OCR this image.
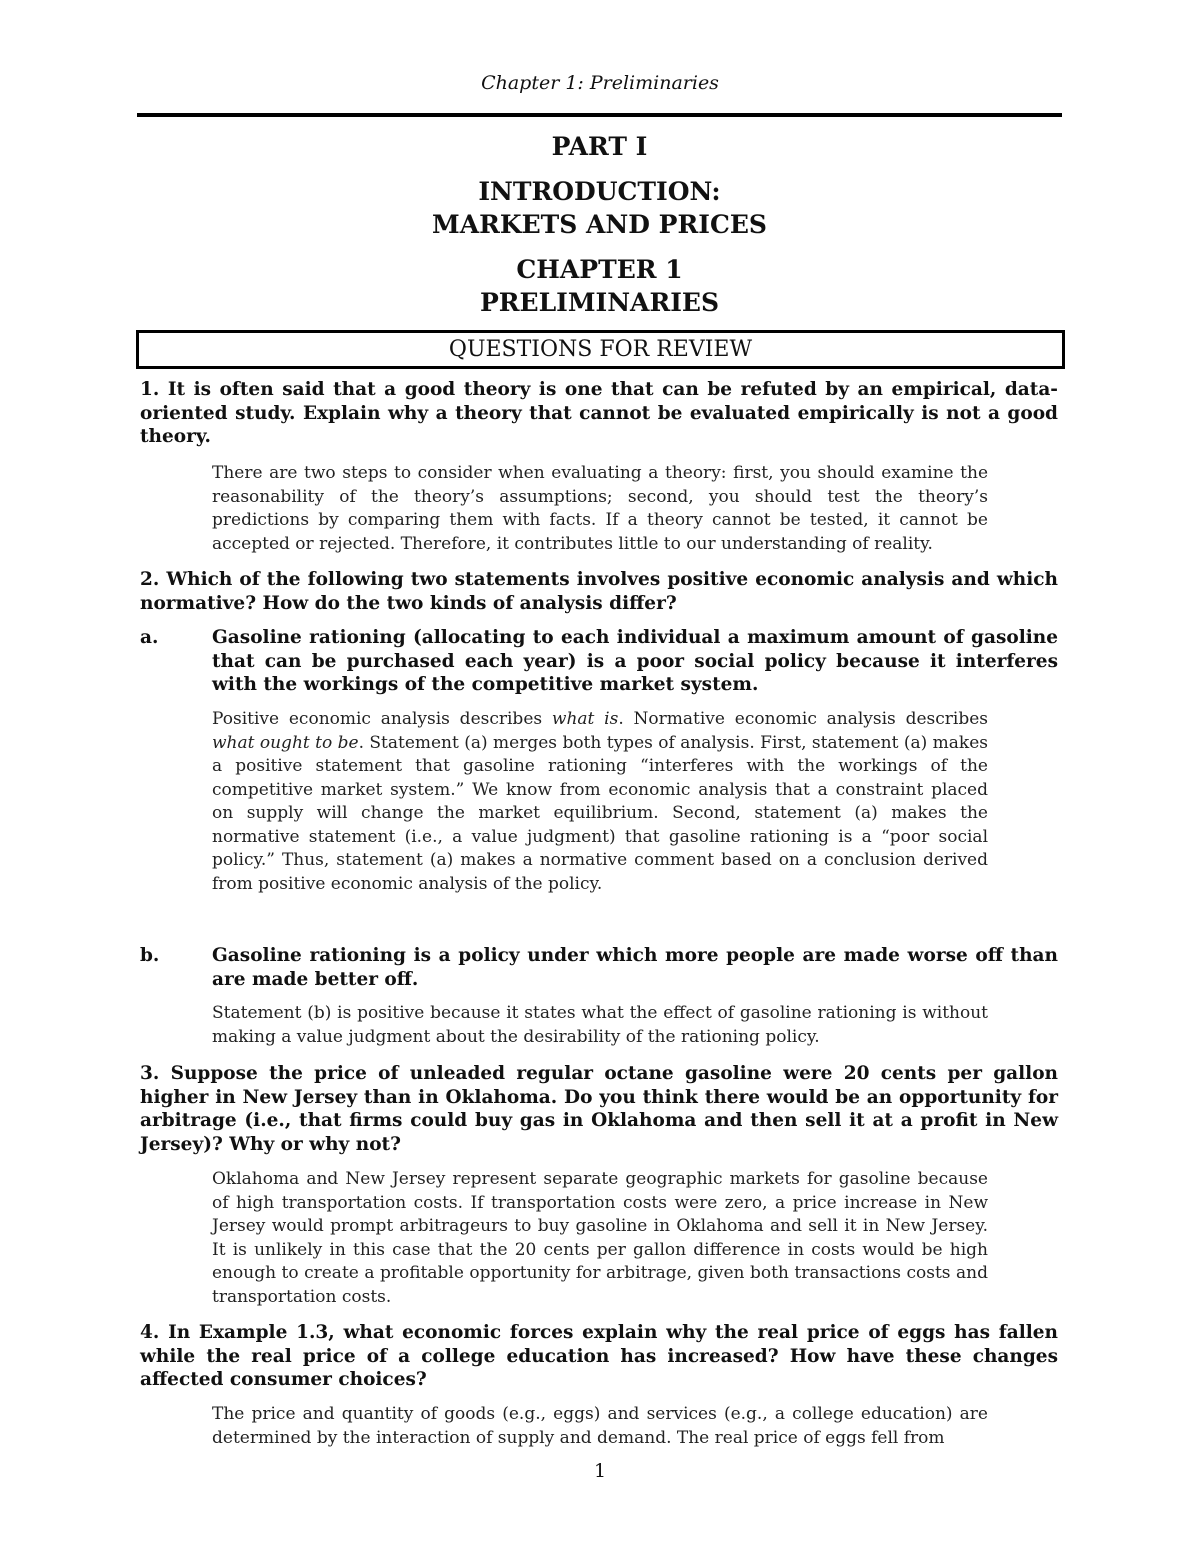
Chapter 1: Preliminaries
PART I
INTRODUCTION:
MARKETS AND PRICES
CHAPTER 1
PRELIMINARIES
QUESTIONS FOR REVIEW
1. It is often said that a good theory is one that can be refuted by an empirical, data-oriented study. Explain why a theory that cannot be evaluated empirically is not a good theory.
There are two steps to consider when evaluating a theory: first, you should examine the reasonability of the theory’s assumptions; second, you should test the theory’s predictions by comparing them with facts. If a theory cannot be tested, it cannot be accepted or rejected. Therefore, it contributes little to our understanding of reality.
2. Which of the following two statements involves positive economic analysis and which normative? How do the two kinds of analysis differ?
a.	Gasoline rationing (allocating to each individual a maximum amount of gasoline that can be purchased each year) is a poor social policy because it interferes with the workings of the competitive market system.
Positive economic analysis describes what is. Normative economic analysis describes what ought to be. Statement (a) merges both types of analysis. First, statement (a) makes a positive statement that gasoline rationing “interferes with the workings of the competitive market system.” We know from economic analysis that a constraint placed on supply will change the market equilibrium. Second, statement (a) makes the normative statement (i.e., a value judgment) that gasoline rationing is a “poor social policy.” Thus, statement (a) makes a normative comment based on a conclusion derived from positive economic analysis of the policy.
b.	Gasoline rationing is a policy under which more people are made worse off than are made better off.
Statement (b) is positive because it states what the effect of gasoline rationing is without making a value judgment about the desirability of the rationing policy.
3. Suppose the price of unleaded regular octane gasoline were 20 cents per gallon higher in New Jersey than in Oklahoma. Do you think there would be an opportunity for arbitrage (i.e., that firms could buy gas in Oklahoma and then sell it at a profit in New Jersey)? Why or why not?
Oklahoma and New Jersey represent separate geographic markets for gasoline because of high transportation costs. If transportation costs were zero, a price increase in New Jersey would prompt arbitrageurs to buy gasoline in Oklahoma and sell it in New Jersey. It is unlikely in this case that the 20 cents per gallon difference in costs would be high enough to create a profitable opportunity for arbitrage, given both transactions costs and transportation costs.
4. In Example 1.3, what economic forces explain why the real price of eggs has fallen while the real price of a college education has increased? How have these changes affected consumer choices?
The price and quantity of goods (e.g., eggs) and services (e.g., a college education) are determined by the interaction of supply and demand. The real price of eggs fell from
1
